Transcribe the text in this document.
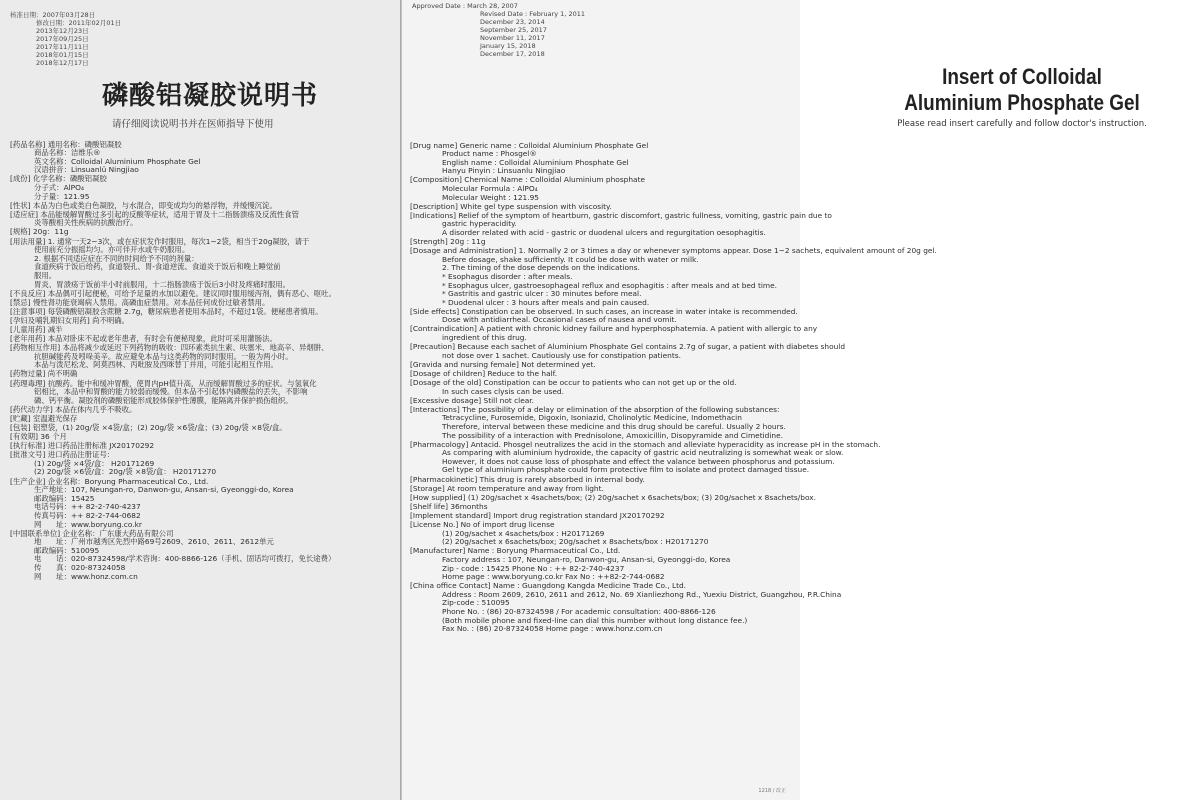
核准日期：2007年03月28日
修改日期：2011年02月01日
2013年12月23日
2017年09月25日
2017年11月11日
2018年01月15日
2018年12月17日
磷酸铝凝胶说明书
请仔细阅读说明书并在医师指导下使用
[ 药品名称 ] 通用名称：磷酸铝凝胶
商品名称：洁维乐®
英文名称：Colloidal Aluminium Phosphate Gel
汉语拼音：Linsuanlü Ningjiao
[ 成份 ] 化学名称：磷酸铝凝胶
分子式：AlPO₄
分子量：121.95
[ 性状 ] 本品为白色或类白色凝胶，与水混合，即变成均匀的悬浮物，并缓慢沉淀。
[ 适应症 ] 本品能缓解胃酸过多引起的反酸等症状，适用于胃及十二指肠溃疡及反流性食管
炎等酸相关性疾病的抗酸治疗。
[ 规格 ] 20g：11g
[ 用法用量 ] 1. 通常一天2~3次，或在症状发作时服用，每次1~2袋，相当于20g凝胶，请于
使用前充分振摇均匀。亦可伴开水或牛奶服用。
2. 根据不同适应症在不同的时间给予不同的剂量：
食道疾病于饭后给药，食道裂孔、胃-食道逆流、食道炎于饭后和晚上睡觉前
服用。
胃炎、胃溃疡于饭前半小时前服用，十二指肠溃疡于饭后3小时及疼痛时服用。
[ 不良反应 ] 本品偶可引起便秘，可给予足量的水加以避免。建议同时服用缓泻剂，偶有恶心、呕吐。
[ 禁忌 ] 慢性肾功能衰竭病人禁用。高磷血症禁用。对本品任何成份过敏者禁用。
[ 注意事项 ] 每袋磷酸铝凝胶含蔗糖 2.7g，糖尿病患者使用本品时，不超过1袋。便秘患者慎用。
[ 孕妇及哺乳期妇女用药 ] 尚不明确。
[ 儿童用药 ] 减半
[ 老年用药 ] 本品对卧床不起或老年患者，有时会有便秘现象，此时可采用灌肠法。
[ 药物相互作用 ] 本品将减少或延迟下列药物的吸收：四环素类抗生素、呋塞米、地高辛、异烟肼、
抗胆碱能药及吲哚美辛。故应避免本品与这类药物的同时服用。一般为两小时。
本品与泼尼松龙、阿莫西林、丙吡胺及西咪替丁并用，可能引起相互作用。
[ 药物过量 ] 尚不明确
[ 药理毒理 ] 抗酸药。能中和缓冲胃酸，使胃内pH值升高，从而缓解胃酸过多的症状。与氢氧化
铝相比，本品中和胃酸的能力较弱而缓慢。但本品不引起体内磷酸盐的丢失，不影响
磷、钙平衡。凝胶剂的磷酸铝能形成胶体保护性薄膜，能隔离并保护损伤组织。
[ 药代动力学 ] 本品在体内几乎不吸收。
[ 贮藏 ] 室温避光保存
[ 包装 ] 铝塑袋，(1) 20g/袋 ×4袋/盒；(2) 20g/袋 ×6袋/盒；(3) 20g/袋 ×8袋/盒。
[ 有效期 ] 36 个月
[ 执行标准 ] 进口药品注册标准 JX20170292
[ 批准文号 ] 进口药品注册证号：
(1) 20g/袋 ×4袋/盒： H20171269
(2) 20g/袋 ×6袋/盒：20g/袋 ×8袋/盒： H20171270
[ 生产企业 ] 企业名称：Boryung Pharmaceutical Co., Ltd.
生产地址：107, Neungan-ro, Danwon-gu, Ansan-si, Gyeonggi-do, Korea
邮政编码：15425
电话号码：++ 82-2-740-4237
传真号码：++ 82-2-744-0682
网　　址：www.boryung.co.kr
[ 中国联系单位 ] 企业名称：广东康大药品有限公司
地　　址：广州市越秀区先烈中路69号2609、2610、2611、2612单元
邮政编码：510095
电　　话：020-87324598/学术咨询：400-8866-126（手机、固话均可拨打，免长途费）
传　　真：020-87324058
网　　址：www.honz.com.cn
Approved Date : March 28, 2007
Revised Date : February 1, 2011
December 23, 2014
September 25, 2017
November 11, 2017
January 15, 2018
December 17, 2018
Insert of Colloidal Aluminium Phosphate Gel
Please read insert carefully and follow doctor's instruction.
[ Drug name ] Generic name : Colloidal Aluminium Phosphate Gel
Product name : Phosgel®
English name : Colloidal Aluminium Phosphate Gel
Hanyu Pinyin : Linsuanlu Ningjiao
[ Composition ] Chemical Name : Colloidal Aluminium phosphate
Molecular Formula : AlPO₄
Molecular Weight : 121.95
[ Description ] White gel type suspension with viscosity.
[ Indications ] Relief of the symptom of heartburn, gastric discomfort, gastric fullness, vomiting, gastric pain due to
gastric hyperacidity.
A disorder related with acid - gastric or duodenal ulcers and regurgitation oesophagitis.
[ Strength ] 20g : 11g
[ Dosage and Administration ] 1. Normally 2 or 3 times a day or whenever symptoms appear. Dose 1~2 sachets, equivalent amount of 20g gel.
Before dosage, shake sufficiently. It could be dose with water or milk.
2. The timing of the dose depends on the indications.
* Esophagus disorder : after meals.
* Esophagus ulcer, gastroesophageal reflux and esophagitis : after meals and at bed time.
* Gastritis and gastric ulcer : 30 minutes before meal.
* Duodenal ulcer : 3 hours after meals and pain caused.
[ Side effects ] Constipation can be observed. In such cases, an increase in water intake is recommended.
Dose with antidiarrheal. Occasional cases of nausea and vomit.
[ Contraindication ] A patient with chronic kidney failure and hyperphosphatemia. A patient with allergic to any
ingredient of this drug.
[ Precaution ] Because each sachet of Aluminium Phosphate Gel contains 2.7g of sugar, a patient with diabetes should
not dose over 1 sachet. Cautiously use for constipation patients.
[ Gravida and nursing female ] Not determined yet.
[ Dosage of children ] Reduce to the half.
[ Dosage of the old ] Constipation can be occur to patients who can not get up or the old.
In such cases clysis can be used.
[ Excessive dosage ] Still not clear.
[ Interactions ] The possibility of a delay or elimination of the absorption of the following substances:
Tetracycline, Furosemide, Digoxin, Isoniazid, Cholinolytic Medicine, Indomethacin
Therefore, interval between these medicine and this drug should be careful. Usually 2 hours.
The possibility of a interaction with Prednisolone, Amoxicillin, Disopyramide and Cimetidine.
[ Pharmacology ] Antacid. Phosgel neutralizes the acid in the stomach and alleviate hyperacidity as increase pH in the stomach.
As comparing with aluminium hydroxide, the capacity of gastric acid neutralizing is somewhat weak or slow.
However, it does not cause loss of phosphate and effect the valance between phosphorus and potassium.
Gel type of aluminium phosphate could form protective film to isolate and protect damaged tissue.
[ Pharmacokinetic ] This drug is rarely absorbed in internal body.
[ Storage ] At room temperature and away from light.
[ How supplied ] (1) 20g/sachet x 4sachets/box; (2) 20g/sachet x 6sachets/box; (3) 20g/sachet x 8sachets/box.
[ Shelf life ] 36months
[ Implement standard ] Import drug registration standard JX20170292
[ License No. ] No of import drug license
(1) 20g/sachet x 4sachets/box : H20171269
(2) 20g/sachet x 6sachets/box; 20g/sachet x 8sachets/box : H20171270
[ Manufacturer ] Name : Boryung Pharmaceutical Co., Ltd.
Factory address : 107, Neungan-ro, Danwon-gu, Ansan-si, Gyeonggi-do, Korea
Zip - code : 15425 Phone No : ++ 82-2-740-4237
Home page : www.boryung.co.kr Fax No : ++82-2-744-0682
[ China office Contact ] Name : Guangdong Kangda Medicine Trade Co., Ltd.
Address : Room 2609, 2610, 2611 and 2612, No. 69 Xianliezhong Rd., Yuexiu District, Guangzhou, P.R.China
Zip-code : 510095
Phone No. : (86) 20-87324598 / For academic consultation: 400-8866-126
(Both mobile phone and fixed-line can dial this number without long distance fee.)
Fax No. : (86) 20-87324058 Home page : www.honz.com.cn
1218 / 改正
